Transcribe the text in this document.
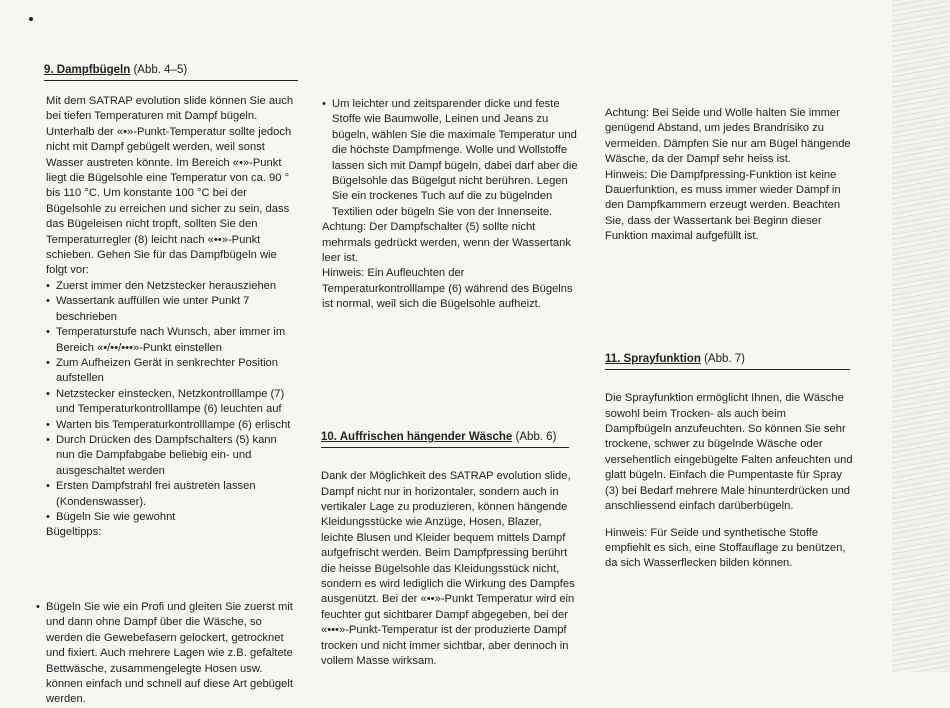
9. Dampfbügeln (Abb. 4–5)

Mit dem SATRAP evolution slide können Sie auch bei tiefen Temperaturen mit Dampf bügeln. Unterhalb der «•»-Punkt-Temperatur sollte jedoch nicht mit Dampf gebügelt werden, weil sonst Wasser austreten könnte. Im Bereich «•»-Punkt liegt die Bügelsohle eine Temperatur von ca. 90 ° bis 110 °C. Um konstante 100 °C bei der Bügelsohle zu erreichen und sicher zu sein, dass das Bügeleisen nicht tropft, sollten Sie den Temperaturregler (8) leicht nach «••»-Punkt schieben. Gehen Sie für das Dampfbügeln wie folgt vor:

• Zuerst immer den Netzstecker herausziehen
• Wassertank auffüllen wie unter Punkt 7 beschrieben
• Temperaturstufe nach Wunsch, aber immer im Bereich «•/••/•••»-Punkt einstellen
• Zum Aufheizen Gerät in senkrechter Position aufstellen
• Netzstecker einstecken, Netzkontrolllampe (7) und Temperaturkontrolllampe (6) leuchten auf
• Warten bis Temperaturkontrolllampe (6) erlischt
• Durch Drücken des Dampfschalters (5) kann nun die Dampfabgabe beliebig ein- und ausgeschaltet werden
• Ersten Dampfstrahl frei austreten lassen (Kondenswasser).
• Bügeln Sie wie gewohnt

Bügeltipps:

• Bügeln Sie wie ein Profi und gleiten Sie zuerst mit und dann ohne Dampf über die Wäsche, so werden die Gewebefasern gelockert, getrocknet und fixiert. Auch mehrere Lagen wie z.B. gefaltete Bettwäsche, zusammengelegte Hosen usw. können einfach und schnell auf diese Art gebügelt werden.
• Um leichter und zeitsparender dicke und feste Stoffe wie Baumwolle, Leinen und Jeans zu bügeln, wählen Sie die maximale Temperatur und die höchste Dampfmenge. Wolle und Wollstoffe lassen sich mit Dampf bügeln, dabei darf aber die Bügelsohle das Bügelgut nicht berühren. Legen Sie ein trockenes Tuch auf die zu bügelnden Textilien oder bügeln Sie von der Innenseite.

Achtung: Der Dampfschalter (5) sollte nicht mehrmals gedrückt werden, wenn der Wassertank leer ist.

Hinweis: Ein Aufleuchten der Temperaturkontrolllampe (6) während des Bügelns ist normal, weil sich die Bügelsohle aufheizt.

10. Auffrischen hängender Wäsche (Abb. 6)

Dank der Möglichkeit des SATRAP evolution slide, Dampf nicht nur in horizontaler, sondern auch in vertikaler Lage zu produzieren, können hängende Kleidungsstücke wie Anzüge, Hosen, Blazer, leichte Blusen und Kleider bequem mittels Dampf aufgefrischt werden. Beim Dampfpressing berührt die heisse Bügelsohle das Kleidungsstück nicht, sondern es wird lediglich die Wirkung des Dampfes ausgenützt. Bei der «••»-Punkt Temperatur wird ein feuchter gut sichtbarer Dampf abgegeben, bei der «•••»-Punkt-Temperatur ist der produzierte Dampf trocken und nicht immer sichtbar, aber dennoch in vollem Masse wirksam.

Achtung: Bei Seide und Wolle halten Sie immer genügend Abstand, um jedes Brandrisiko zu vermeiden. Dämpfen Sie nur am Bügel hängende Wäsche, da der Dampf sehr heiss ist.

Hinweis: Die Dampfpressing-Funktion ist keine Dauerfunktion, es muss immer wieder Dampf in den Dampfkammern erzeugt werden. Beachten Sie, dass der Wassertank bei Beginn dieser Funktion maximal aufgefüllt ist.

11. Sprayfunktion (Abb. 7)

Die Sprayfunktion ermöglicht Ihnen, die Wäsche sowohl beim Trocken- als auch beim Dampfbügeln anzufeuchten. So können Sie sehr trockene, schwer zu bügelnde Wäsche oder versehentlich eingebügelte Falten anfeuchten und glatt bügeln. Einfach die Pumpentaste für Spray (3) bei Bedarf mehrere Male hinunterdrücken und anschliessend einfach darüberbügeln.

Hinweis: Für Seide und synthetische Stoffe empfiehlt es sich, eine Stoffauflage zu benützen, da sich Wasserflecken bilden können.
